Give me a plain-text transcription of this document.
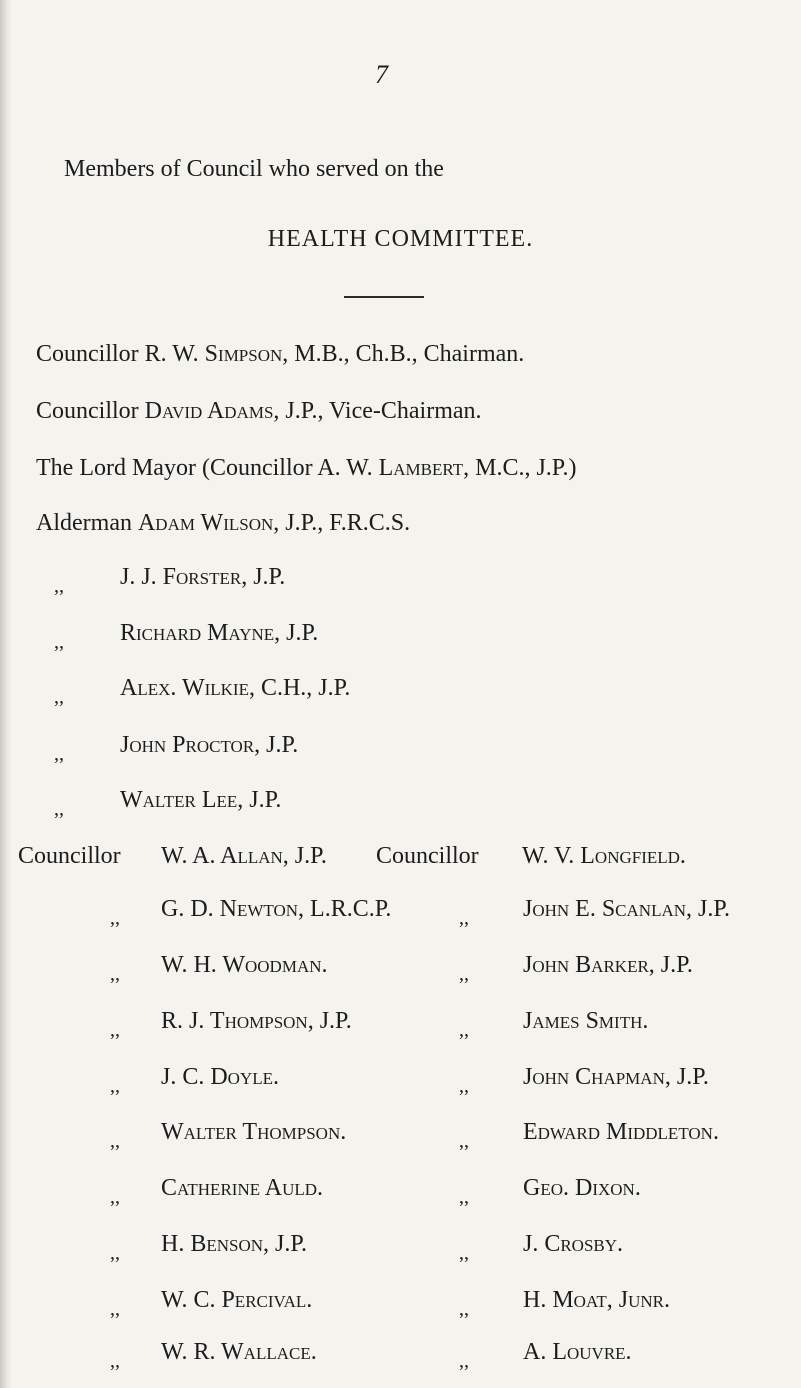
7
Members of Council who served on the
HEALTH COMMITTEE.
Councillor R. W. Simpson, M.B., Ch.B., Chairman.
Councillor David Adams, J.P., Vice-Chairman.
The Lord Mayor (Councillor A. W. Lambert, M.C., J.P.)
Alderman Adam Wilson, J.P., F.R.C.S.
,, J. J. Forster, J.P.
,, Richard Mayne, J.P.
,, Alex. Wilkie, C.H., J.P.
,, John Proctor, J.P.
,, Walter Lee, J.P.
Councillor W. A. Allan, J.P. Councillor W. V. Longfield.
,, G. D. Newton, L.R.C.P.	,, John E. Scanlan, J.P.
,, W. H. Woodman.	,, John Barker, J.P.
,, R. J. Thompson, J.P.	,, James Smith.
,, J. C. Doyle.	,, John Chapman, J.P.
,, Walter Thompson.	,, Edward Middleton.
,, Catherine Auld.	,, Geo. Dixon.
,, H. Benson, J.P.	,, J. Crosby.
,, W. C. Percival.	,, H. Moat, Junr.
,, W. R. Wallace.	,, A. Louvre.
